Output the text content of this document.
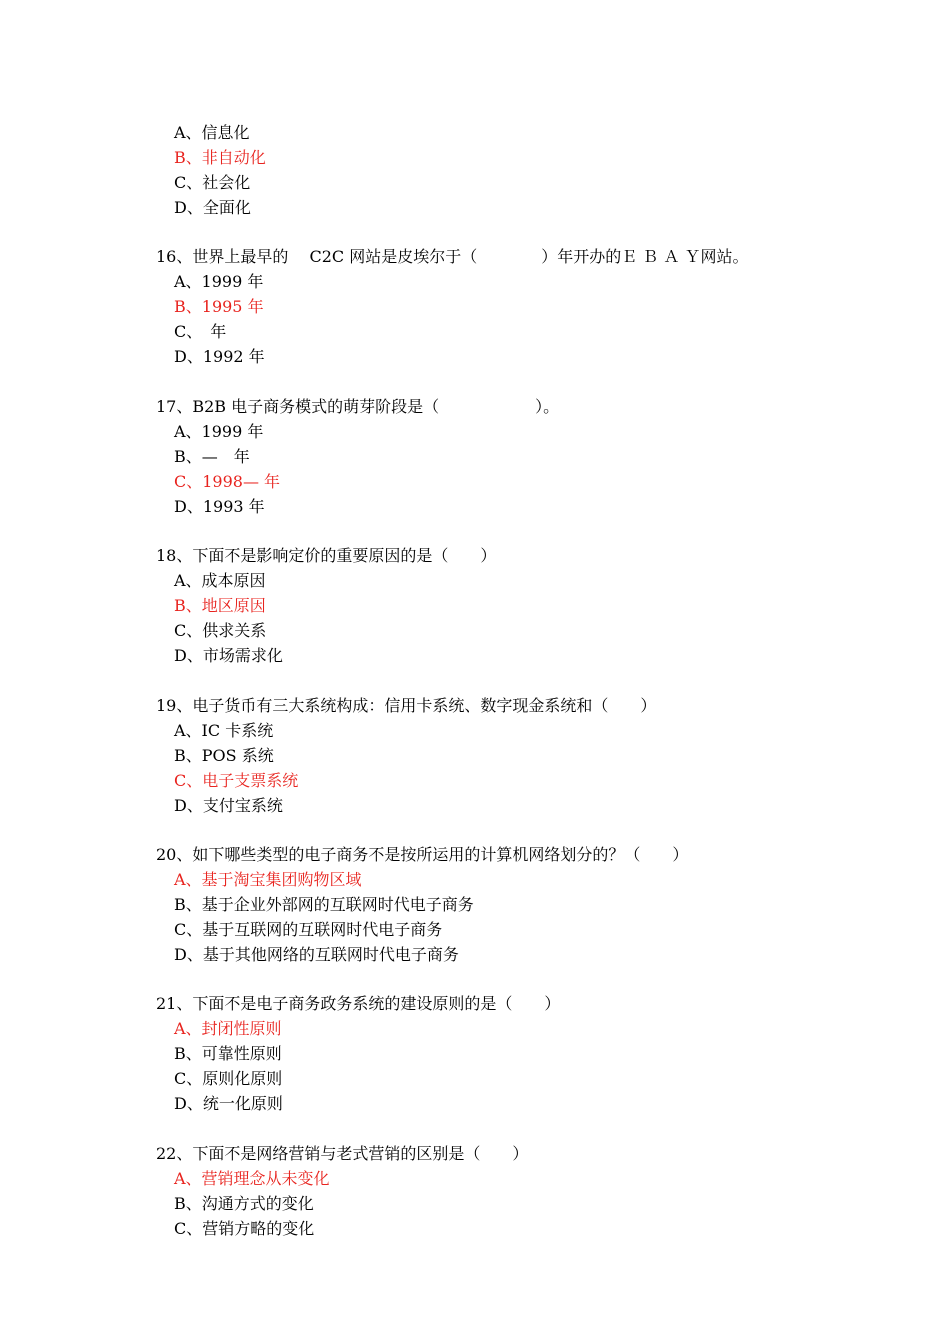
A、信息化
B、非自动化
C、社会化
D、全面化
16、世界上最早的　 C2C 网站是皮埃尔于（　　　　）年开办的Ｅ Ｂ Ａ Ｙ网站。
A、1999 年
B、1995 年
C、　年
D、1992 年
17、B2B 电子商务模式的萌芽阶段是（　　　　　　）。
A、1999 年
B、—　年
C、1998— 年
D、1993 年
18、下面不是影响定价的重要原因的是（　　）
A、成本原因
B、地区原因
C、供求关系
D、市场需求化
19、电子货币有三大系统构成：信用卡系统、数字现金系统和（　　）
A、IC 卡系统
B、POS 系统
C、电子支票系统
D、支付宝系统
20、如下哪些类型的电子商务不是按所运用的计算机网络划分的？（　　）
A、基于淘宝集团购物区域
B、基于企业外部网的互联网时代电子商务
C、基于互联网的互联网时代电子商务
D、基于其他网络的互联网时代电子商务
21、下面不是电子商务政务系统的建设原则的是（　　）
A、封闭性原则
B、可靠性原则
C、原则化原则
D、统一化原则
22、下面不是网络营销与老式营销的区别是（　　）
A、营销理念从未变化
B、沟通方式的变化
C、营销方略的变化
